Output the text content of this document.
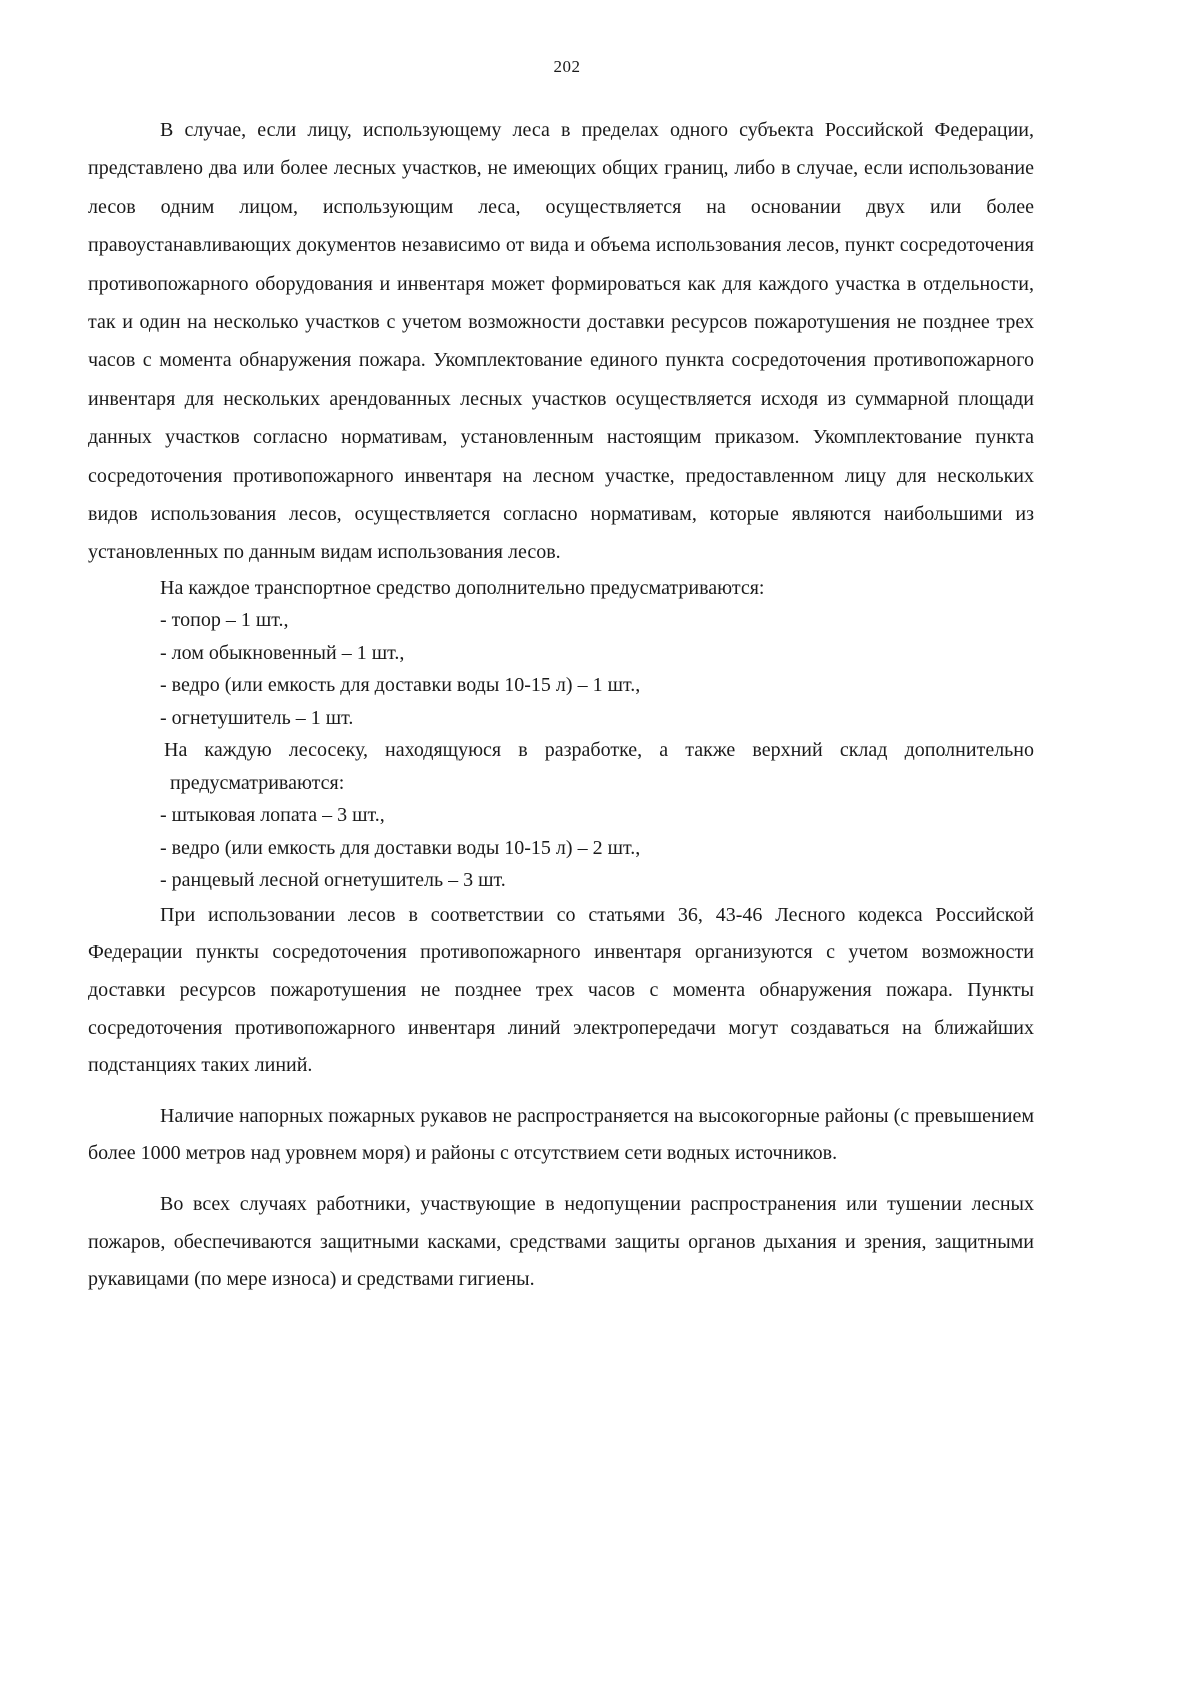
202

В случае, если лицу, использующему леса в пределах одного субъекта Российской Федерации, представлено два или более лесных участков, не имеющих общих границ, либо в случае, если использование лесов одним лицом, использующим леса, осуществляется на основании двух или более правоустанавливающих документов независимо от вида и объема использования лесов, пункт сосредоточения противопожарного оборудования и инвентаря может формироваться как для каждого участка в отдельности, так и один на несколько участков с учетом возможности доставки ресурсов пожаротушения не позднее трех часов с момента обнаружения пожара. Укомплектование единого пункта сосредоточения противопожарного инвентаря для нескольких арендованных лесных участков осуществляется исходя из суммарной площади данных участков согласно нормативам, установленным настоящим приказом. Укомплектование пункта сосредоточения противопожарного инвентаря на лесном участке, предоставленном лицу для нескольких видов использования лесов, осуществляется согласно нормативам, которые являются наибольшими из установленных по данным видам использования лесов.

На каждое транспортное средство дополнительно предусматриваются:

- топор – 1 шт.,

- лом обыкновенный – 1 шт.,

- ведро (или емкость для доставки воды 10-15 л) – 1 шт.,

- огнетушитель – 1 шт.

На каждую лесосеку, находящуюся в разработке, а также верхний склад дополнительно предусматриваются:

- штыковая лопата – 3 шт.,

- ведро (или емкость для доставки воды 10-15 л) – 2 шт.,

- ранцевый лесной огнетушитель – 3 шт.

При использовании лесов в соответствии со статьями 36, 43-46 Лесного кодекса Российской Федерации пункты сосредоточения противопожарного инвентаря организуются с учетом возможности доставки ресурсов пожаротушения не позднее трех часов с момента обнаружения пожара. Пункты сосредоточения противопожарного инвентаря линий электропередачи могут создаваться на ближайших подстанциях таких линий.

Наличие напорных пожарных рукавов не распространяется на высокогорные районы (с превышением более 1000 метров над уровнем моря) и районы с отсутствием сети водных источников.

Во всех случаях работники, участвующие в недопущении распространения или тушении лесных пожаров, обеспечиваются защитными касками, средствами защиты органов дыхания и зрения, защитными рукавицами (по мере износа) и средствами гигиены.
